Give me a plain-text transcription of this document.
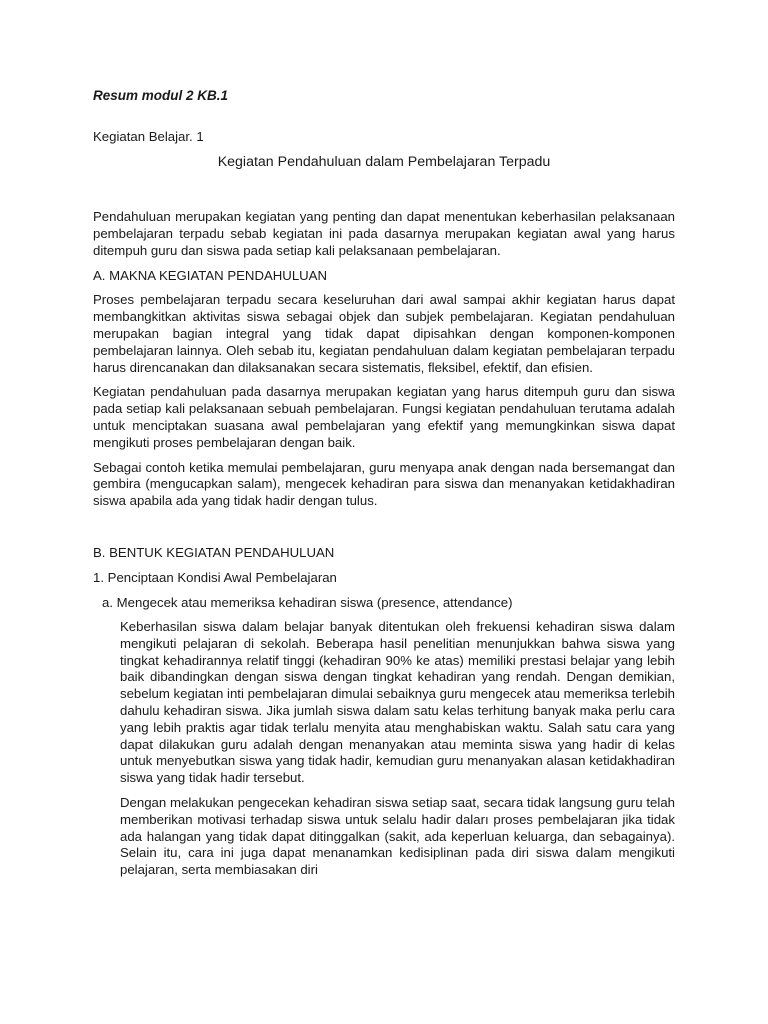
Resum modul 2 KB.1

Kegiatan Belajar. 1

Kegiatan Pendahuluan dalam Pembelajaran Terpadu

Pendahuluan merupakan kegiatan yang penting dan dapat menentukan keberhasilan pelaksanaan pembelajaran terpadu sebab kegiatan ini pada dasarnya merupakan kegiatan awal yang harus ditempuh guru dan siswa pada setiap kali pelaksanaan pembelajaran.

A. MAKNA KEGIATAN PENDAHULUAN

Proses pembelajaran terpadu secara keseluruhan dari awal sampai akhir kegiatan harus dapat membangkitkan aktivitas siswa sebagai objek dan subjek pembelajaran. Kegiatan pendahuluan merupakan bagian integral yang tidak dapat dipisahkan dengan komponen-komponen pembelajaran lainnya. Oleh sebab itu, kegiatan pendahuluan dalam kegiatan pembelajaran terpadu harus direncanakan dan dilaksanakan secara sistematis, fleksibel, efektif, dan efisien.

Kegiatan pendahuluan pada dasarnya merupakan kegiatan yang harus ditempuh guru dan siswa pada setiap kali pelaksanaan sebuah pembelajaran. Fungsi kegiatan pendahuluan terutama adalah untuk menciptakan suasana awal pembelajaran yang efektif yang memungkinkan siswa dapat mengikuti proses pembelajaran dengan baik.

Sebagai contoh ketika memulai pembelajaran, guru menyapa anak dengan nada bersemangat dan gembira (mengucapkan salam), mengecek kehadiran para siswa dan menanyakan ketidakhadiran siswa apabila ada yang tidak hadir dengan tulus.

B. BENTUK KEGIATAN PENDAHULUAN

1. Penciptaan Kondisi Awal Pembelajaran

a. Mengecek atau memeriksa kehadiran siswa (presence, attendance)

Keberhasilan siswa dalam belajar banyak ditentukan oleh frekuensi kehadiran siswa dalam mengikuti pelajaran di sekolah. Beberapa hasil penelitian menunjukkan bahwa siswa yang tingkat kehadirannya relatif tinggi (kehadiran 90% ke atas) memiliki prestasi belajar yang lebih baik dibandingkan dengan siswa dengan tingkat kehadiran yang rendah. Dengan demikian, sebelum kegiatan inti pembelajaran dimulai sebaiknya guru mengecek atau memeriksa terlebih dahulu kehadiran siswa. Jika jumlah siswa dalam satu kelas terhitung banyak maka perlu cara yang lebih praktis agar tidak terlalu menyita atau menghabiskan waktu. Salah satu cara yang dapat dilakukan guru adalah dengan menanyakan atau meminta siswa yang hadir di kelas untuk menyebutkan siswa yang tidak hadir, kemudian guru menanyakan alasan ketidakhadiran siswa yang tidak hadir tersebut.

Dengan melakukan pengecekan kehadiran siswa setiap saat, secara tidak langsung guru telah memberikan motivasi terhadap siswa untuk selalu hadir daları proses pembelajaran jika tidak ada halangan yang tidak dapat ditinggalkan (sakit, ada keperluan keluarga, dan sebagainya). Selain itu, cara ini juga dapat menanamkan kedisiplinan pada diri siswa dalam mengikuti pelajaran, serta membiasakan diri
